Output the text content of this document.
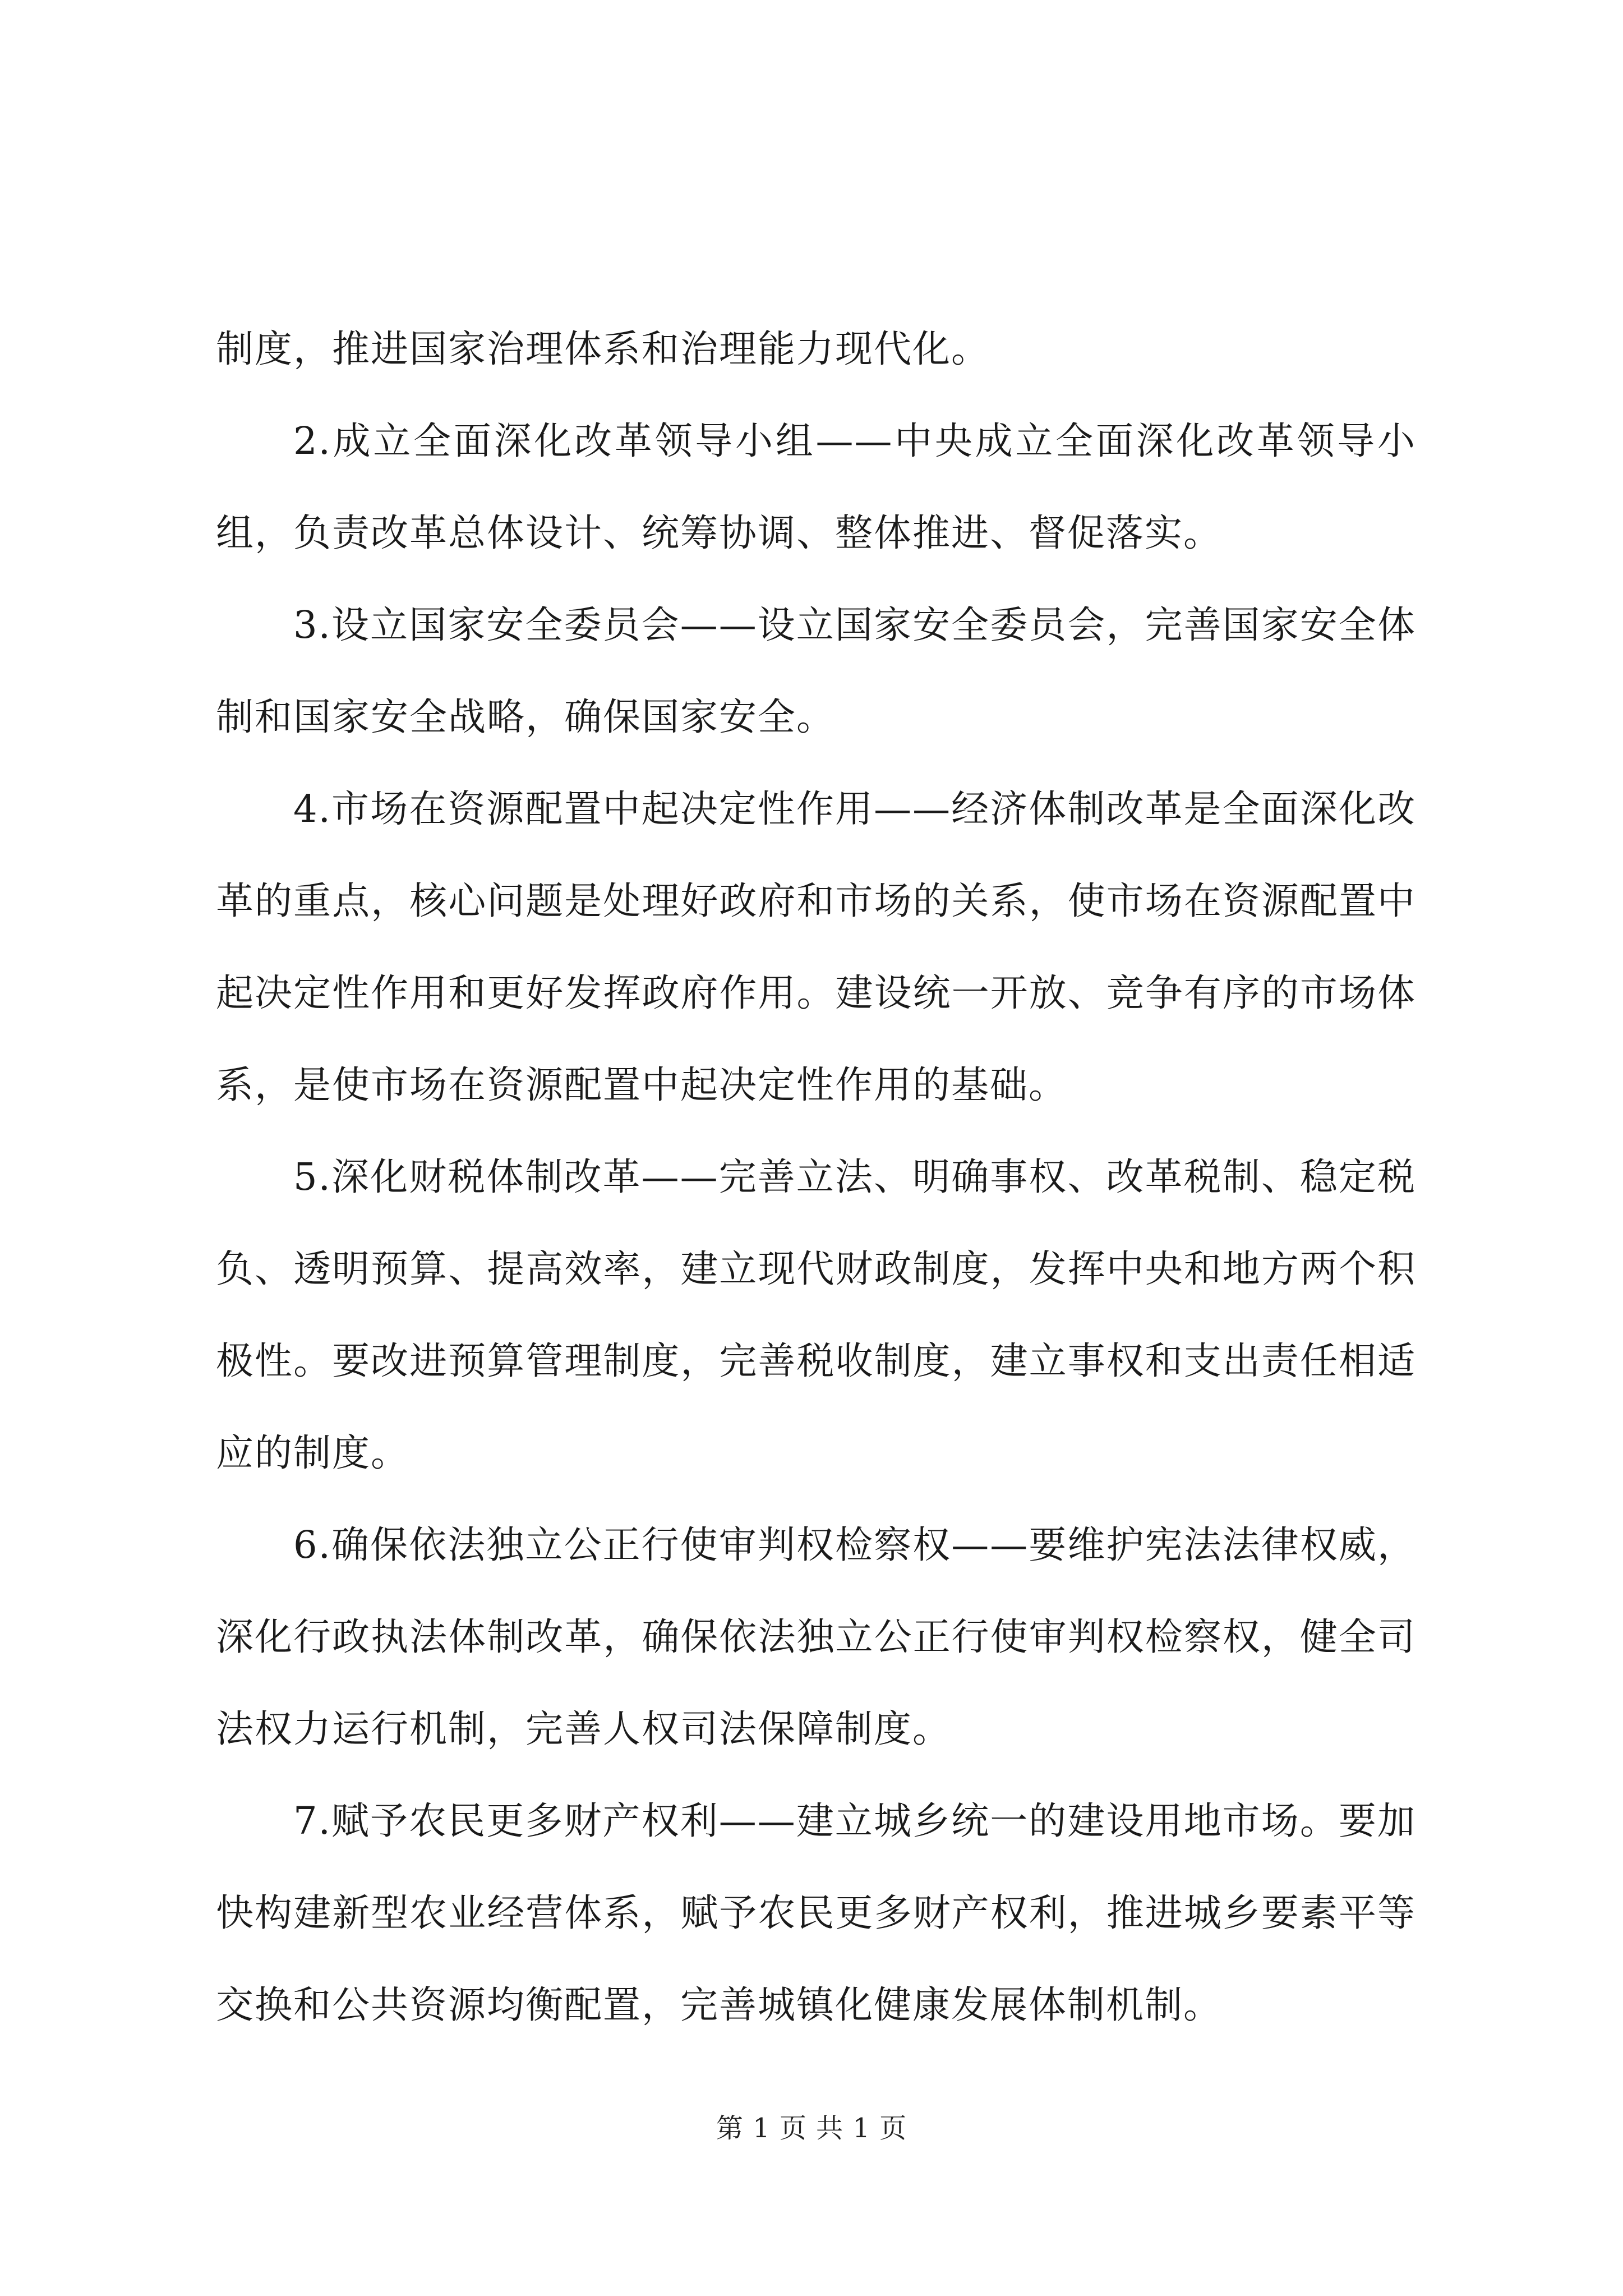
制度，推进国家治理体系和治理能力现代化。

2.成立全面深化改革领导小组——中央成立全面深化改革领导小组，负责改革总体设计、统筹协调、整体推进、督促落实。

3.设立国家安全委员会——设立国家安全委员会，完善国家安全体制和国家安全战略，确保国家安全。

4.市场在资源配置中起决定性作用——经济体制改革是全面深化改革的重点，核心问题是处理好政府和市场的关系，使市场在资源配置中起决定性作用和更好发挥政府作用。建设统一开放、竞争有序的市场体系，是使市场在资源配置中起决定性作用的基础。

5.深化财税体制改革——完善立法、明确事权、改革税制、稳定税负、透明预算、提高效率，建立现代财政制度，发挥中央和地方两个积极性。要改进预算管理制度，完善税收制度，建立事权和支出责任相适应的制度。

6.确保依法独立公正行使审判权检察权——要维护宪法法律权威，深化行政执法体制改革，确保依法独立公正行使审判权检察权，健全司法权力运行机制，完善人权司法保障制度。

7.赋予农民更多财产权利——建立城乡统一的建设用地市场。要加快构建新型农业经营体系，赋予农民更多财产权利，推进城乡要素平等交换和公共资源均衡配置，完善城镇化健康发展体制机制。

第 1 页 共 1 页
